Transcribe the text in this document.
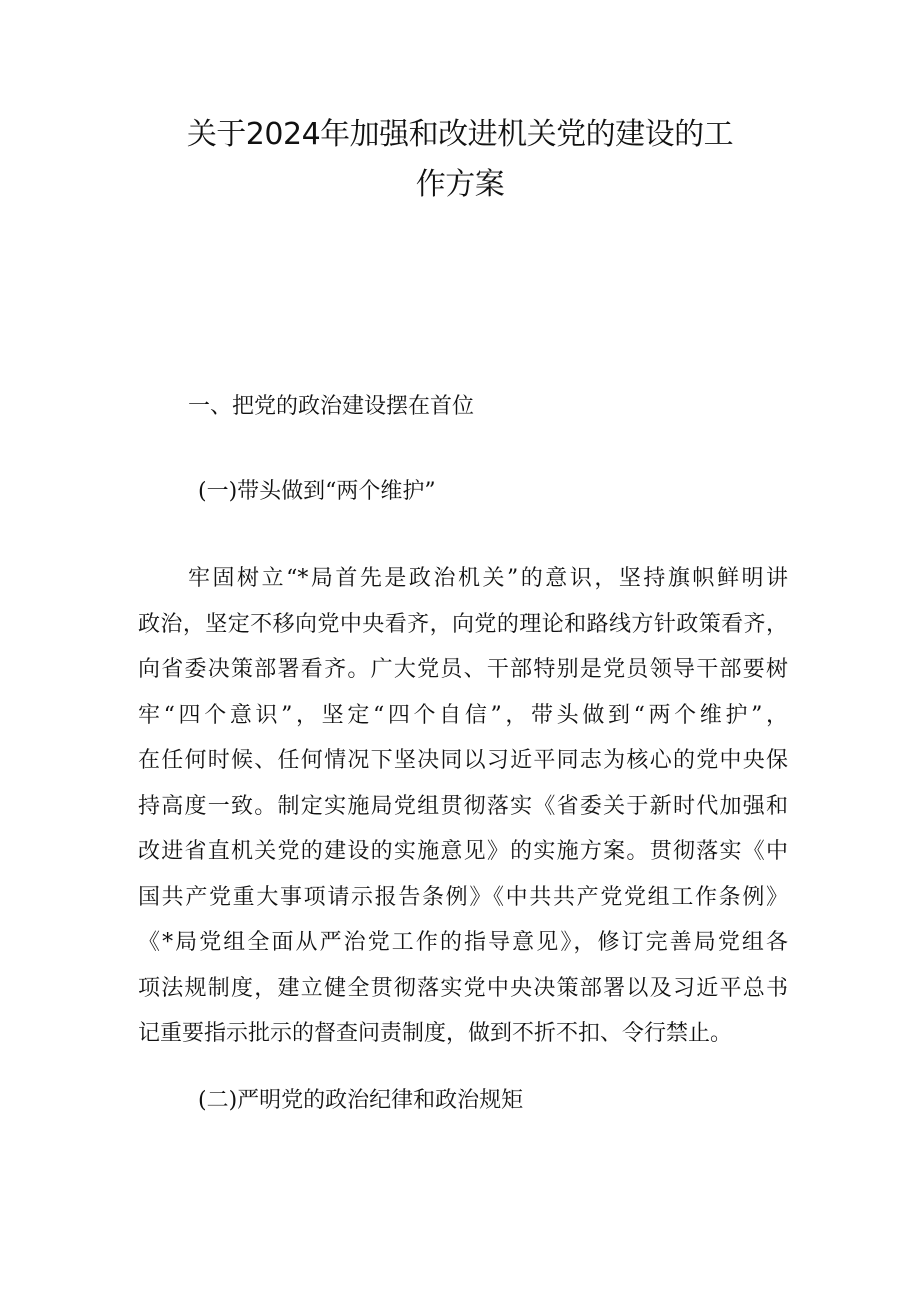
关于2024年加强和改进机关党的建设的工
作方案
一、把党的政治建设摆在首位
(一)带头做到“两个维护”
牢固树立“*局首先是政治机关”的意识，坚持旗帜鲜明讲
政治，坚定不移向党中央看齐，向党的理论和路线方针政策看齐，
向省委决策部署看齐。广大党员、干部特别是党员领导干部要树
牢“四个意识”，坚定“四个自信”，带头做到“两个维护”，
在任何时候、任何情况下坚决同以习近平同志为核心的党中央保
持高度一致。制定实施局党组贯彻落实《省委关于新时代加强和
改进省直机关党的建设的实施意见》的实施方案。贯彻落实《中
国共产党重大事项请示报告条例》《中共共产党党组工作条例》
《*局党组全面从严治党工作的指导意见》，修订完善局党组各
项法规制度，建立健全贯彻落实党中央决策部署以及习近平总书
记重要指示批示的督查问责制度，做到不折不扣、令行禁止。
(二)严明党的政治纪律和政治规矩
